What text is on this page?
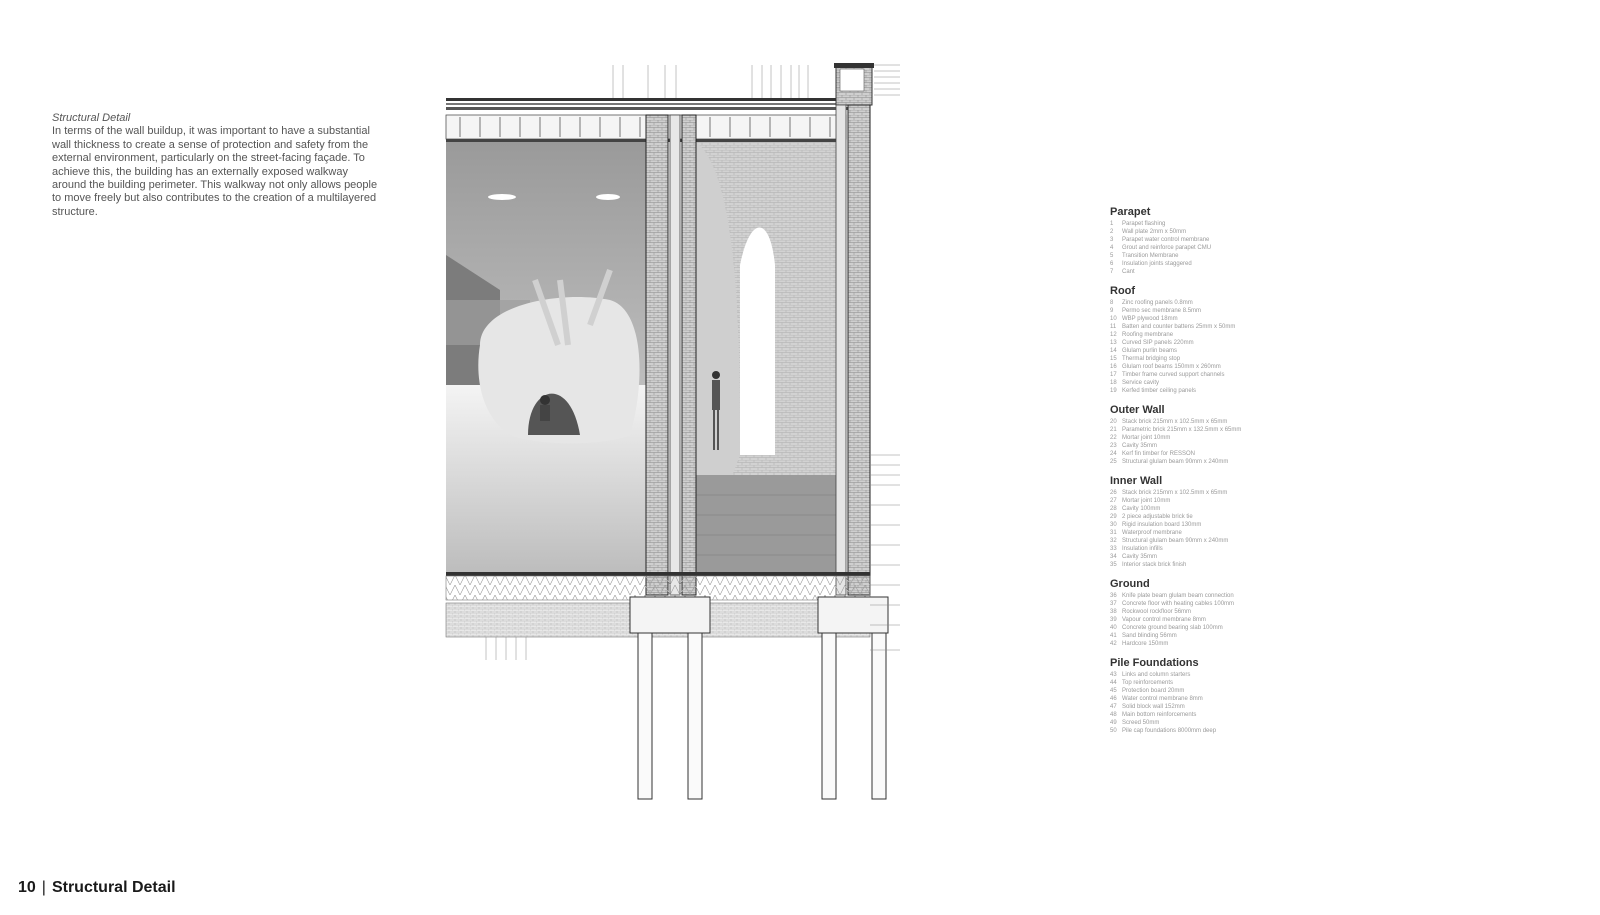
Structural Detail

In terms of the wall buildup, it was important to have a substantial wall thickness to create a sense of protection and safety from the external environment, particularly on the street-facing façade. To achieve this, the building has an externally exposed walkway around the building perimeter. This walkway not only allows people to move freely but also contributes to the creation of a multilayered structure.	Parapet
1	Parapet flashing
2	Wall plate 2mm x 50mm
3	Parapet water control membrane
4	Grout and reinforce parapet CMU
5	Transition Membrane
6	Insulation joints staggered
7	Cant
Roof
8	Zinc roofing panels 0.8mm
9	Permo sec membrane 8.5mm
10 WBP plywood 18mm
11 Batten and counter battens 25mm x 50mm
12 Roofing membrane
13 Curved SIP panels 220mm
14 Glulam purlin beams
15 Thermal bridging stop
16 Glulam roof beams 150mm x 260mm
17 Timber frame curved support channels
18 Service cavity
19 Kerfed timber ceiling panels
Outer Wall
20 Stack brick 215mm x 102.5mm x 65mm
21 Parametric brick 215mm x 132.5mm x 65mm
22 Mortar joint 10mm
23 Cavity 35mm
24 Kerf fin timber for RESSON
25 Structural glulam beam 90mm x 240mm
Inner Wall
26 Stack brick 215mm x 102.5mm x 65mm
27 Mortar joint 10mm
28 Cavity 100mm
29 2 piece adjustable brick tie
30 Rigid insulation board 130mm
31 Waterproof membrane
32 Structural glulam beam 90mm x 240mm
33 Insulation infills
34 Cavity 35mm
35 Interior stack brick finish
Ground
36 Knife plate beam glulam beam connection
37 Concrete floor with heating cables 100mm
38 Rockwool rockfloor 56mm
39 Vapour control membrane 8mm
40 Concrete ground bearing slab 100mm
41 Sand blinding 56mm
42 Hardcore 150mm
Pile Foundations
43 Links and column starters
44 Top reinforcements
45 Protection board 20mm
46 Water control membrane 8mm
47 Solid block wall 152mm
48 Main bottom reinforcements
49 Screed 50mm
50 Pile cap foundations 8000mm deep
10 | Structural Detail
